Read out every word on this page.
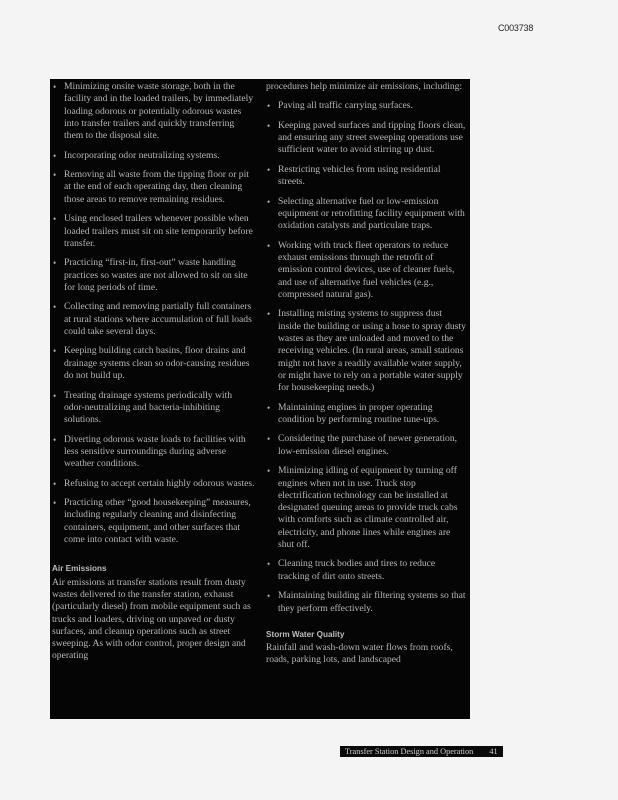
C003738
• Minimizing onsite waste storage, both in the facility and in the loaded trailers, by immediately loading odorous or potentially odorous wastes into transfer trailers and quickly transferring them to the disposal site.
• Incorporating odor neutralizing systems.
• Removing all waste from the tipping floor or pit at the end of each operating day, then cleaning those areas to remove remaining residues.
• Using enclosed trailers whenever possible when loaded trailers must sit on site temporarily before transfer.
• Practicing “first-in, first-out” waste handling practices so wastes are not allowed to sit on site for long periods of time.
• Collecting and removing partially full containers at rural stations where accumulation of full loads could take several days.
• Keeping building catch basins, floor drains and drainage systems clean so odor-causing residues do not build up.
• Treating drainage systems periodically with odor-neutralizing and bacteria-inhibiting solutions.
• Diverting odorous waste loads to facilities with less sensitive surroundings during adverse weather conditions.
• Refusing to accept certain highly odorous wastes.
• Practicing other “good housekeeping” measures, including regularly cleaning and disinfecting containers, equipment, and other surfaces that come into contact with waste.
Air Emissions

Air emissions at transfer stations result from dusty wastes delivered to the transfer station, exhaust (particularly diesel) from mobile equipment such as trucks and loaders, driving on unpaved or dusty surfaces, and cleanup operations such as street sweeping. As with odor control, proper design and operating

procedures help minimize air emissions, including:

• Paving all traffic carrying surfaces.
• Keeping paved surfaces and tipping floors clean, and ensuring any street sweeping operations use sufficient water to avoid stirring up dust.
• Restricting vehicles from using residential streets.
• Selecting alternative fuel or low-emission equipment or retrofitting facility equipment with oxidation catalysts and particulate traps.
• Working with truck fleet operators to reduce exhaust emissions through the retrofit of emission control devices, use of cleaner fuels, and use of alternative fuel vehicles (e.g., compressed natural gas).
• Installing misting systems to suppress dust inside the building or using a hose to spray dusty wastes as they are unloaded and moved to the receiving vehicles. (In rural areas, small stations might not have a readily available water supply, or might have to rely on a portable water supply for housekeeping needs.)
• Maintaining engines in proper operating condition by performing routine tune-ups.
• Considering the purchase of newer generation, low-emission diesel engines.
• Minimizing idling of equipment by turning off engines when not in use. Truck stop electrification technology can be installed at designated queuing areas to provide truck cabs with comforts such as climate controlled air, electricity, and phone lines while engines are shut off.
• Cleaning truck bodies and tires to reduce tracking of dirt onto streets.
• Maintaining building air filtering systems so that they perform effectively.
Storm Water Quality

Rainfall and wash-down water flows from roofs, roads, parking lots, and landscaped

Transfer Station Design and Operation 41
